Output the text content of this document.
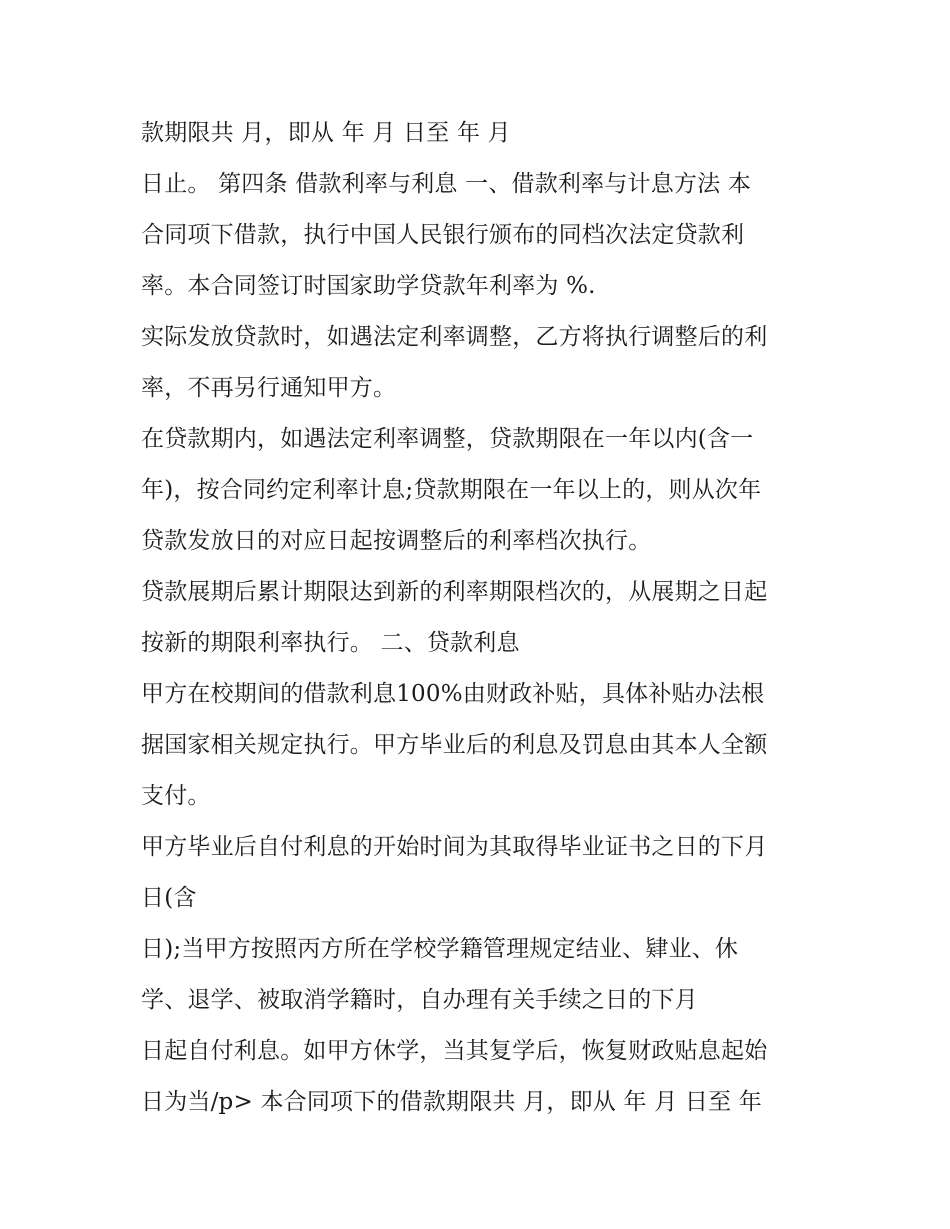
款期限共 月，即从 年 月 日至 年 月
日止。 第四条 借款利率与利息 一、借款利率与计息方法 本
合同项下借款，执行中国人民银行颁布的同档次法定贷款利
率。本合同签订时国家助学贷款年利率为 %.
实际发放贷款时，如遇法定利率调整，乙方将执行调整后的利
率，不再另行通知甲方。
在贷款期内，如遇法定利率调整，贷款期限在一年以内(含一
年)，按合同约定利率计息;贷款期限在一年以上的，则从次年
贷款发放日的对应日起按调整后的利率档次执行。
贷款展期后累计期限达到新的利率期限档次的，从展期之日起
按新的期限利率执行。 二、贷款利息
甲方在校期间的借款利息100%由财政补贴，具体补贴办法根
据国家相关规定执行。甲方毕业后的利息及罚息由其本人全额
支付。
甲方毕业后自付利息的开始时间为其取得毕业证书之日的下月
日(含
日);当甲方按照丙方所在学校学籍管理规定结业、肄业、休
学、退学、被取消学籍时，自办理有关手续之日的下月
日起自付利息。如甲方休学，当其复学后，恢复财政贴息起始
日为当/p> 本合同项下的借款期限共 月，即从 年 月 日至 年
